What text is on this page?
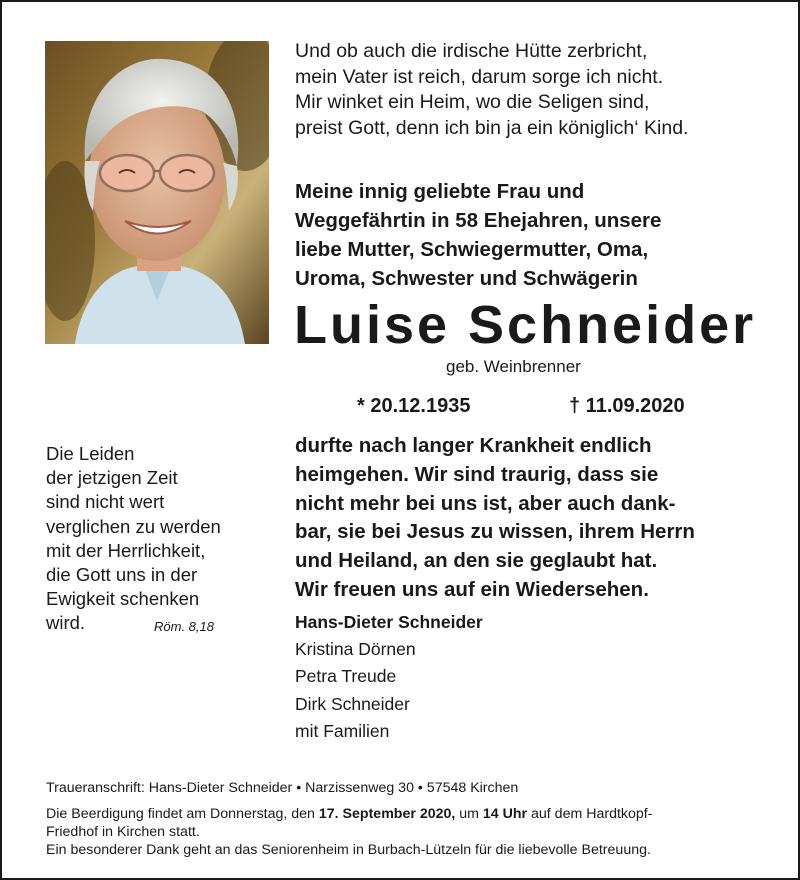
Und ob auch die irdische Hütte zerbricht,
mein Vater ist reich, darum sorge ich nicht.
Mir winket ein Heim, wo die Seligen sind,
preist Gott, denn ich bin ja ein königlich‘ Kind.
Meine innig geliebte Frau und
Weggefährtin in 58 Ehejahren, unsere
liebe Mutter, Schwiegermutter, Oma,
Uroma, Schwester und Schwägerin
Luise Schneider
geb. Weinbrenner
* 20.12.1935	† 11.09.2020
Die Leiden
der jetzigen Zeit
sind nicht wert
verglichen zu werden
mit der Herrlichkeit,
die Gott uns in der
Ewigkeit schenken
wird.	Röm. 8,18
durfte nach langer Krankheit endlich
heimgehen. Wir sind traurig, dass sie
nicht mehr bei uns ist, aber auch dank-
bar, sie bei Jesus zu wissen, ihrem Herrn
und Heiland, an den sie geglaubt hat.
Wir freuen uns auf ein Wiedersehen.
Hans-Dieter Schneider
Kristina Dörnen
Petra Treude
Dirk Schneider
mit Familien
Traueranschrift: Hans-Dieter Schneider • Narzissenweg 30 • 57548 Kirchen
Die Beerdigung findet am Donnerstag, den 17. September 2020, um 14 Uhr auf dem Hardtkopf-
Friedhof in Kirchen statt.
Ein besonderer Dank geht an das Seniorenheim in Burbach-Lützeln für die liebevolle Betreuung.
